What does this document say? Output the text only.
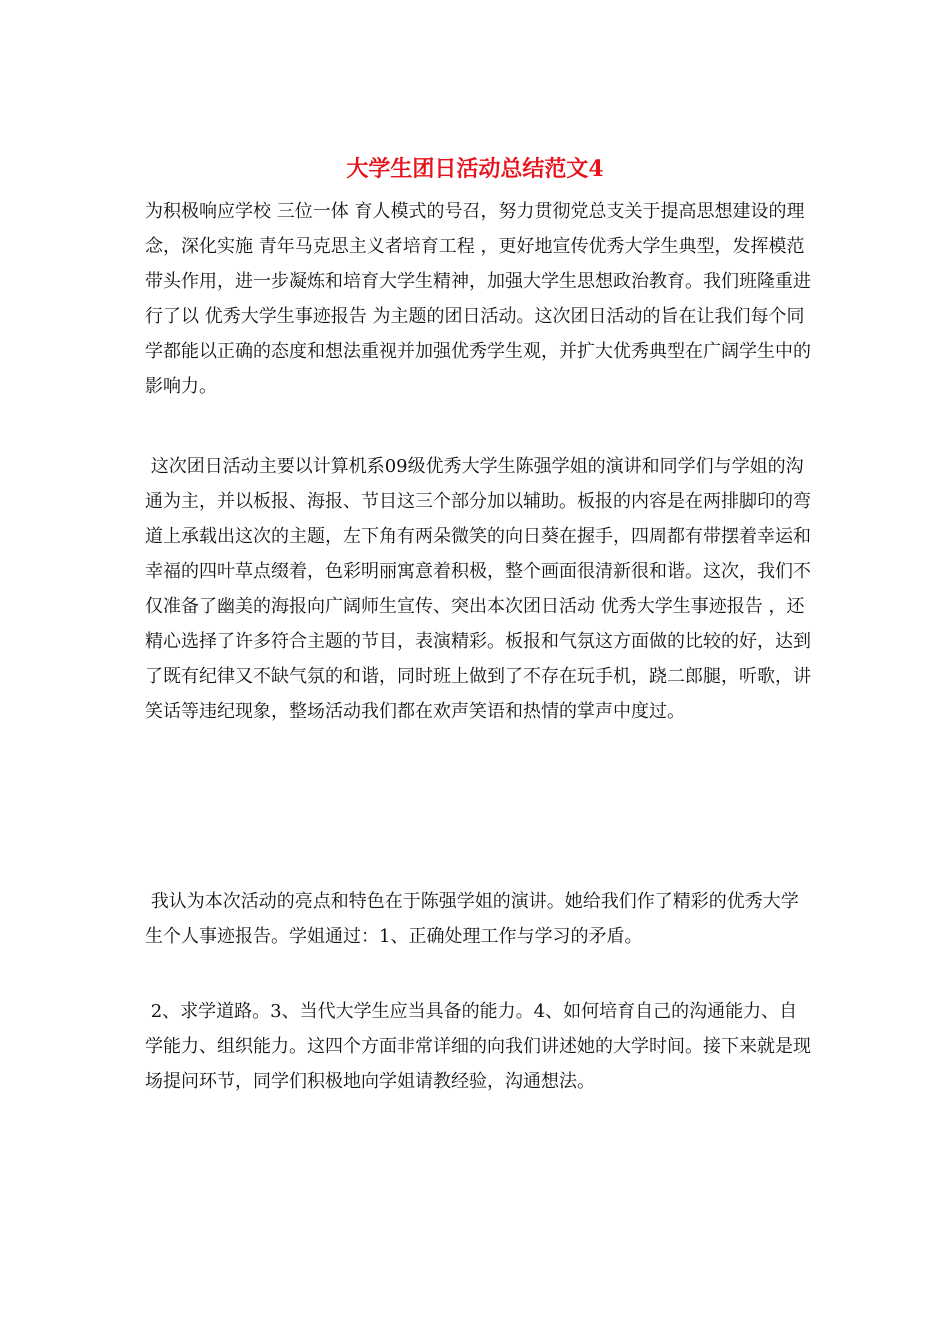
大学生团日活动总结范文4

为积极响应学校 三位一体 育人模式的号召，努力贯彻党总支关于提高思想建设的理念，深化实施 青年马克思主义者培育工程 ，更好地宣传优秀大学生典型，发挥模范带头作用，进一步凝炼和培育大学生精神，加强大学生思想政治教育。我们班隆重进行了以 优秀大学生事迹报告 为主题的团日活动。这次团日活动的旨在让我们每个同学都能以正确的态度和想法重视并加强优秀学生观，并扩大优秀典型在广阔学生中的影响力。

这次团日活动主要以计算机系09级优秀大学生陈强学姐的演讲和同学们与学姐的沟通为主，并以板报、海报、节目这三个部分加以辅助。板报的内容是在两排脚印的弯道上承载出这次的主题，左下角有两朵微笑的向日葵在握手，四周都有带摆着幸运和幸福的四叶草点缀着，色彩明丽寓意着积极，整个画面很清新很和谐。这次，我们不仅准备了幽美的海报向广阔师生宣传、突出本次团日活动 优秀大学生事迹报告 ，还精心选择了许多符合主题的节目，表演精彩。板报和气氛这方面做的比较的好，达到了既有纪律又不缺气氛的和谐，同时班上做到了不存在玩手机，跷二郎腿，听歌，讲笑话等违纪现象，整场活动我们都在欢声笑语和热情的掌声中度过。

我认为本次活动的亮点和特色在于陈强学姐的演讲。她给我们作了精彩的优秀大学生个人事迹报告。学姐通过：1、正确处理工作与学习的矛盾。

2、求学道路。3、当代大学生应当具备的能力。4、如何培育自己的沟通能力、自学能力、组织能力。这四个方面非常详细的向我们讲述她的大学时间。接下来就是现场提问环节，同学们积极地向学姐请教经验，沟通想法。
